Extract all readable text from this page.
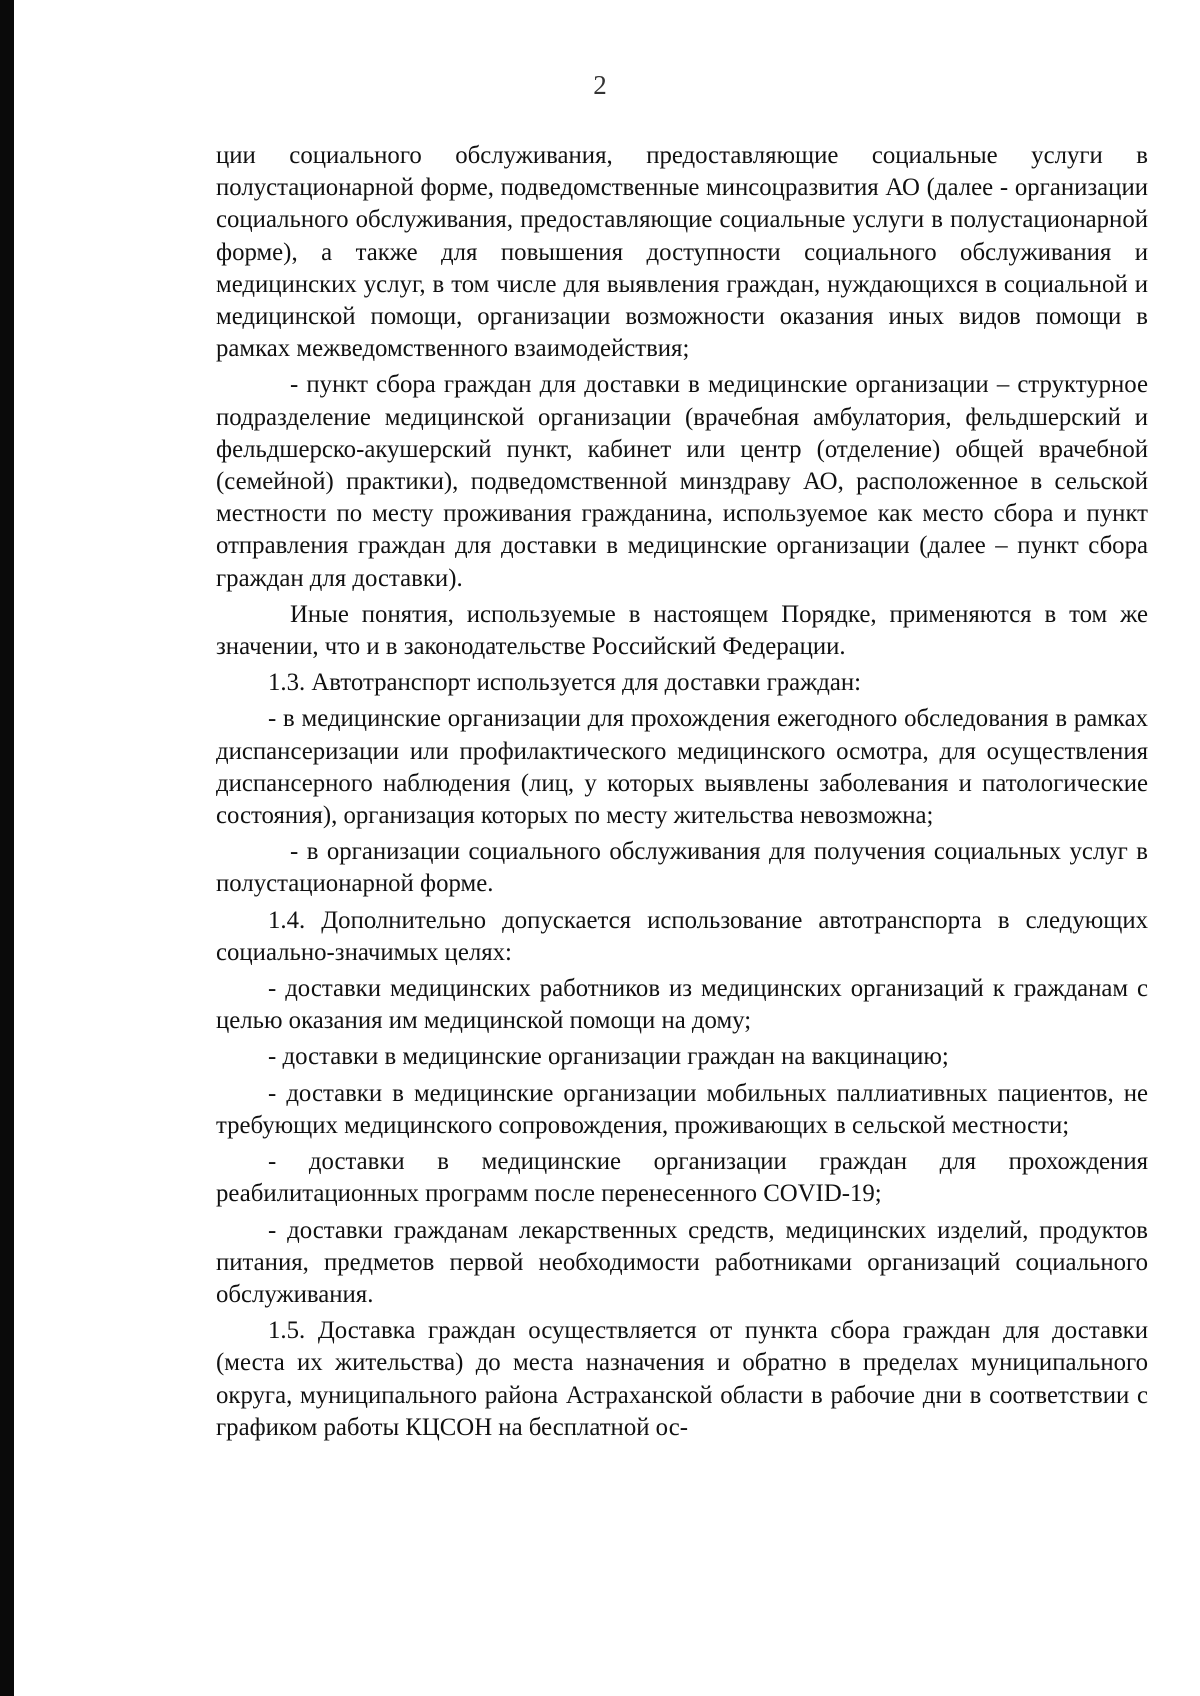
2

ции социального обслуживания, предоставляющие социальные услуги в полустационарной форме, подведомственные минсоцразвития АО (далее - организации социального обслуживания, предоставляющие социальные услуги в полустационарной форме), а также для повышения доступности социального обслуживания и медицинских услуг, в том числе для выявления граждан, нуждающихся в социальной и медицинской помощи, организации возможности оказания иных видов помощи в рамках межведомственного взаимодействия;

- пункт сбора граждан для доставки в медицинские организации – структурное подразделение медицинской организации (врачебная амбулатория, фельдшерский и фельдшерско-акушерский пункт, кабинет или центр (отделение) общей врачебной (семейной) практики), подведомственной минздраву АО, расположенное в сельской местности по месту проживания гражданина, используемое как место сбора и пункт отправления граждан для доставки в медицинские организации (далее – пункт сбора граждан для доставки).

Иные понятия, используемые в настоящем Порядке, применяются в том же значении, что и в законодательстве Российский Федерации.

1.3. Автотранспорт используется для доставки граждан:

- в медицинские организации для прохождения ежегодного обследования в рамках диспансеризации или профилактического медицинского осмотра, для осуществления диспансерного наблюдения (лиц, у которых выявлены заболевания и патологические состояния), организация которых по месту жительства невозможна;

- в организации социального обслуживания для получения социальных услуг в полустационарной форме.

1.4. Дополнительно допускается использование автотранспорта в следующих социально-значимых целях:

- доставки медицинских работников из медицинских организаций к гражданам с целью оказания им медицинской помощи на дому;

- доставки в медицинские организации граждан на вакцинацию;

- доставки в медицинские организации мобильных паллиативных пациентов, не требующих медицинского сопровождения, проживающих в сельской местности;

- доставки в медицинские организации граждан для прохождения реабилитационных программ после перенесенного COVID-19;

- доставки гражданам лекарственных средств, медицинских изделий, продуктов питания, предметов первой необходимости работниками организаций социального обслуживания.

1.5. Доставка граждан осуществляется от пункта сбора граждан для доставки (места их жительства) до места назначения и обратно в пределах муниципального округа, муниципального района Астраханской области в рабочие дни в соответствии с графиком работы КЦСОН на бесплатной ос-
